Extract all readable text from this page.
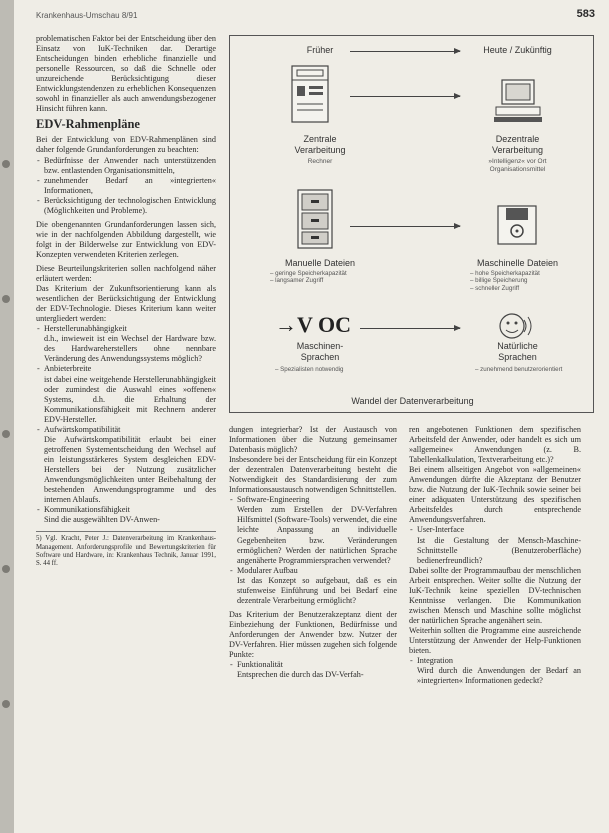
Krankenhaus-Umschau 8/91	583

problematischen Faktor bei der Entscheidung über den Einsatz von IuK-Techniken dar. Derartige Entscheidungen binden erhebliche finanzielle und personelle Ressourcen, so daß die Schnelle oder unzureichende Berücksichtigung dieser Entwicklungstendenzen zu erheblichen Konsequenzen sowohl in finanzieller als auch anwendungsbezogener Hinsicht führen kann.

EDV-Rahmenpläne

Bei der Entwicklung von EDV-Rahmenplänen sind daher folgende Grundanforderungen zu beachten:

- Bedürfnisse der Anwender nach unterstützenden bzw. entlastenden Organisationsmitteln,
- zunehmender Bedarf an »integrierten« Informationen,
- Berücksichtigung der technologischen Entwicklung (Möglichkeiten und Probleme).

Die obengenannten Grundanforderungen lassen sich, wie in der nachfolgenden Abbildung dargestellt, wie folgt in der Bilderwelse zur Entwicklung von EDV-Konzepten verwendeten Kriterien zerlegen.

Diese Beurteilungskriterien sollen nachfolgend näher erläutert werden:

Das Kriterium der Zukunftsorientierung kann als wesentlichen der Berücksichtigung der Entwicklung der EDV-Technologie. Dieses Kriterium kann weiter untergliedert werden:

- Herstellerunabhängigkeit
d.h., inwieweit ist ein Wechsel der Hardware bzw. des Hardwareherstellers ohne nennbare Veränderung des Anwendungssystems möglich?
- Anbieterbreite
ist dabei eine weitgehende Herstellerunabhängigkeit oder zumindest die Auswahl eines »offenen« Systems, d.h. die Erhaltung der Kommunikationsfähigkeit mit Rechnern anderer EDV-Hersteller.
- Aufwärtskompatibilität
Die Aufwärtskompatibilität erlaubt bei einer getroffenen Systementscheidung den Wechsel auf ein leistungsstärkeres System desgleichen EDV-Herstellers bei der Nutzung zusätzlicher Anwendungsmöglichkeiten unter Beibehaltung der bestehenden Anwendungsprogramme und des internen Ablaufs.
- Kommunikationsfähigkeit
Sind die ausgewählten DV-Anwen-
5) Vgl. Kracht, Peter J.: Datenverarbeitung im Krankenhaus-Management. Anforderungsprofile und Bewertungskriterien für Software und Hardware, in: Krankenhaus Technik, Januar 1991, S. 44 ff.
Früher	Heute / Zukünftig
Zentrale
Verarbeitung
Rechner
Dezentrale
Verarbeitung
»Intelligenz« vor Ort
Organisationsmittel
Manuelle Dateien
– geringe Speicherkapazität
– langsamer Zugriff
Maschinelle Dateien
– hohe Speicherkapazität
– billige Speicherung
– schneller Zugriff
→V OC
Maschinen-
Sprachen
– Spezialisten notwendig
Natürliche
Sprachen
– zunehmend benutzerorientiert
Wandel der Datenverarbeitung

dungen integrierbar? Ist der Austausch von Informationen über die Nutzung gemeinsamer Datenbasis möglich?

Insbesondere bei der Entscheidung für ein Konzept der dezentralen Datenverarbeitung besteht die Notwendigkeit des Standardisierung der zum Informationsaustausch notwendigen Schnittstellen.

- Software-Engineering
Werden zum Erstellen der DV-Verfahren Hilfsmittel (Software-Tools) verwendet, die eine leichte Anpassung an individuelle Gegebenheiten bzw. Veränderungen ermöglichen? Werden der natürlichen Sprache angenäherte Programmiersprachen verwendet?
- Modularer Aufbau
Ist das Konzept so aufgebaut, daß es ein stufenweise Einführung und bei Bedarf eine dezentrale Verarbeitung ermöglicht?

Das Kriterium der Benutzerakzeptanz dient der Einbeziehung der Funktionen, Bedürfnisse und Anforderungen der Anwender bzw. Nutzer der DV-Verfahren. Hier müssen zugehen sich folgende Punkte:

- Funktionalität
Entsprechen die durch das DV-Verfah-

ren angebotenen Funktionen dem spezifischen Arbeitsfeld der Anwender, oder handelt es sich um »allgemeine« Anwendungen (z. B. Tabellenkalkulation, Textverarbeitung etc.)?

Bei einem allseitigen Angebot von »allgemeinen« Anwendungen dürfte die Akzeptanz der Benutzer bzw. die Nutzung der IuK-Technik sowie seiner bei einer adäquaten Unterstützung des spezifischen Arbeitsfeldes durch entsprechende Anwendungsverfahren.

- User-Interface
Ist die Gestaltung der Mensch-Maschine-Schnittstelle (Benutzeroberfläche) bedienerfreundlich?

Dabei sollte der Programmaufbau der menschlichen Arbeit entsprechen. Weiter sollte die Nutzung der IuK-Technik keine speziellen DV-technischen Kenntnisse verlangen. Die Kommunikation zwischen Mensch und Maschine sollte möglichst der natürlichen Sprache angenähert sein.

Weiterhin sollten die Programme eine ausreichende Unterstützung der Anwender der Help-Funktionen bieten.

- Integration
Wird durch die Anwendungen der Bedarf an »integrierten« Informationen gedeckt?
